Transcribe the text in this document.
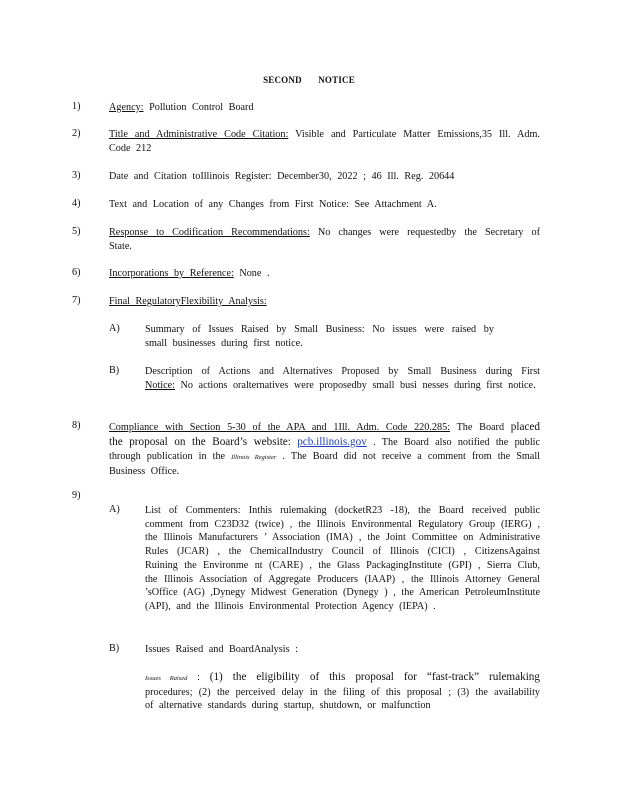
SECOND NOTICE
1)	Agency: Pollution Control Board
2)	Title and Administrative Code Citation: Visible and Particulate Matter Emissions,35 Ill. Adm. Code 212
3)	Date and Citation toIllinois Register: December30, 2022 ; 46 Ill. Reg. 20644
4)	Text and Location of any Changes from First Notice: See Attachment A.
5)	Response to Codification Recommendations: No changes were requestedby the Secretary of State.
6)	Incorporations by Reference: None .
7)	Final RegulatoryFlexibility Analysis:
A) Summary of Issues Raised by Small Business: No issues were raised by small businesses during first notice.
B)	Description of Actions and Alternatives Proposed by Small Business during First Notice: No actions oralternatives were proposedby small busi nesses during first notice.
8)	Compliance with Section 5-30 of the APA and 1Ill. Adm. Code 220.285: The Board placed the proposal on the Board’s website: pcb.illinois.gov . The Board also notified the public through publication in the Illinois Register . The Board did not receive a comment from the Small Business Office.
9)
A) List of Commenters: Inthis rulemaking (docketR23 -18), the Board received public comment from C23D32 (twice) , the Illinois Environmental Regulatory Group (IERG) , the Illinois Manufacturers ’ Association (IMA) , the Joint Committee on Administrative Rules (JCAR) , the ChemicalIndustry Council of Illinois (CICI) , CitizensAgainst Ruining the Environme nt (CARE) , the Glass PackagingInstitute (GPI) , Sierra Club, the Illinois Association of Aggregate Producers (IAAP) , the Illinois Attorney General ’sOffice (AG) ,Dynegy Midwest Generation (Dynegy ) , the American PetroleumInstitute (API), and the Illinois Environmental Protection Agency (IEPA) .
B)	Issues Raised and BoardAnalysis :
Issues Raised : (1) the eligibility of this proposal for “fast-track” rulemaking procedures; (2) the perceived delay in the filing of this proposal ; (3) the availability of alternative standards during startup, shutdown, or malfunction
